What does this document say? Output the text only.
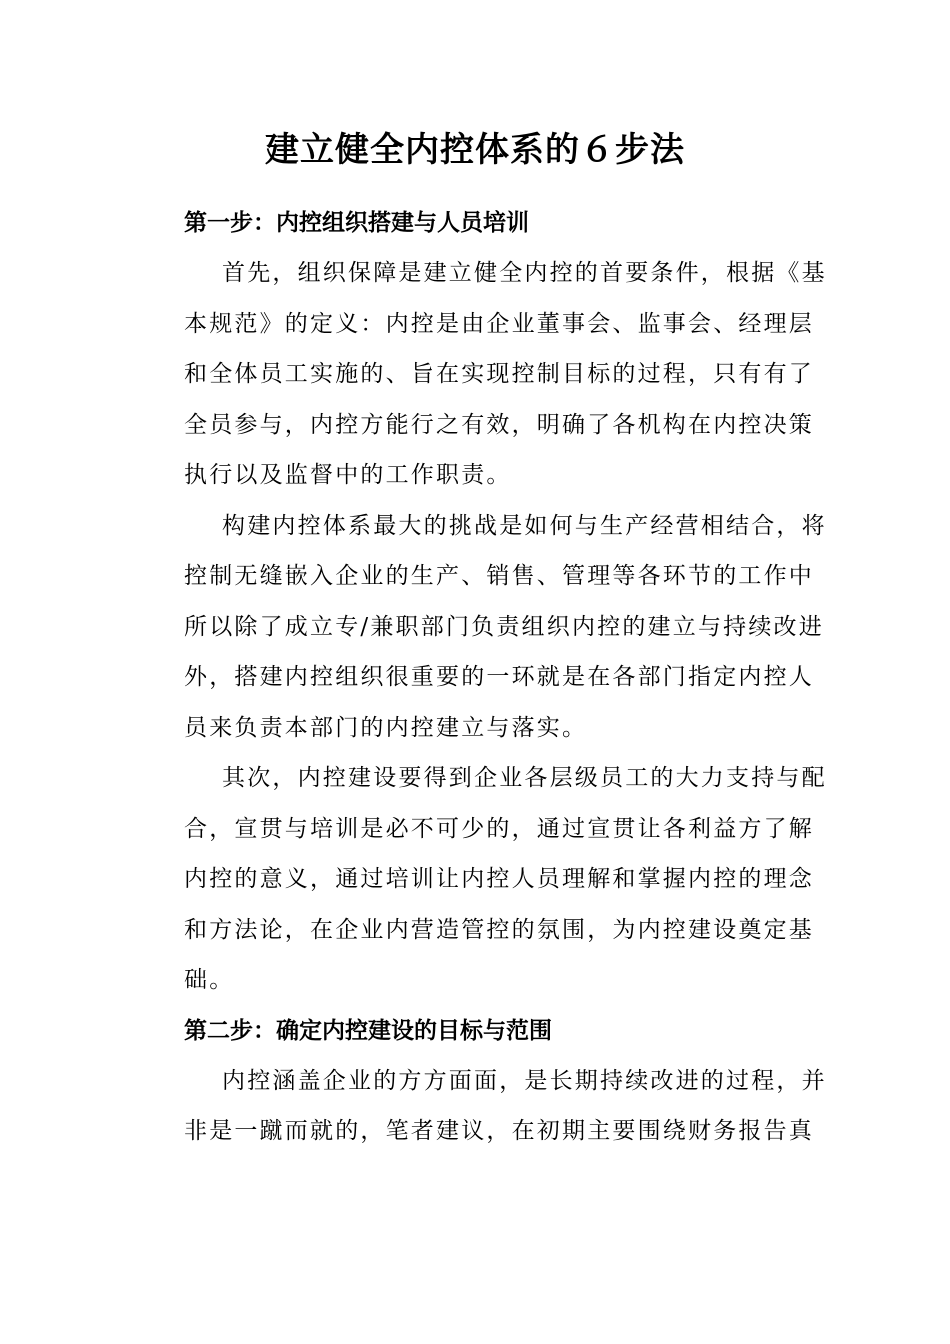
建立健全内控体系的６步法
第一步：内控组织搭建与人员培训
首先，组织保障是建立健全内控的首要条件，根据《基
本规范》的定义：内控是由企业董事会、监事会、经理层
和全体员工实施的、旨在实现控制目标的过程，只有有了
全员参与，内控方能行之有效，明确了各机构在内控决策
执行以及监督中的工作职责。
构建内控体系最大的挑战是如何与生产经营相结合，将
控制无缝嵌入企业的生产、销售、管理等各环节的工作中
所以除了成立专/兼职部门负责组织内控的建立与持续改进
外，搭建内控组织很重要的一环就是在各部门指定内控人
员来负责本部门的内控建立与落实。
其次，内控建设要得到企业各层级员工的大力支持与配
合，宣贯与培训是必不可少的，通过宣贯让各利益方了解
内控的意义，通过培训让内控人员理解和掌握内控的理念
和方法论，在企业内营造管控的氛围，为内控建设奠定基
础。
第二步：确定内控建设的目标与范围
内控涵盖企业的方方面面，是长期持续改进的过程，并
非是一蹴而就的，笔者建议，在初期主要围绕财务报告真
